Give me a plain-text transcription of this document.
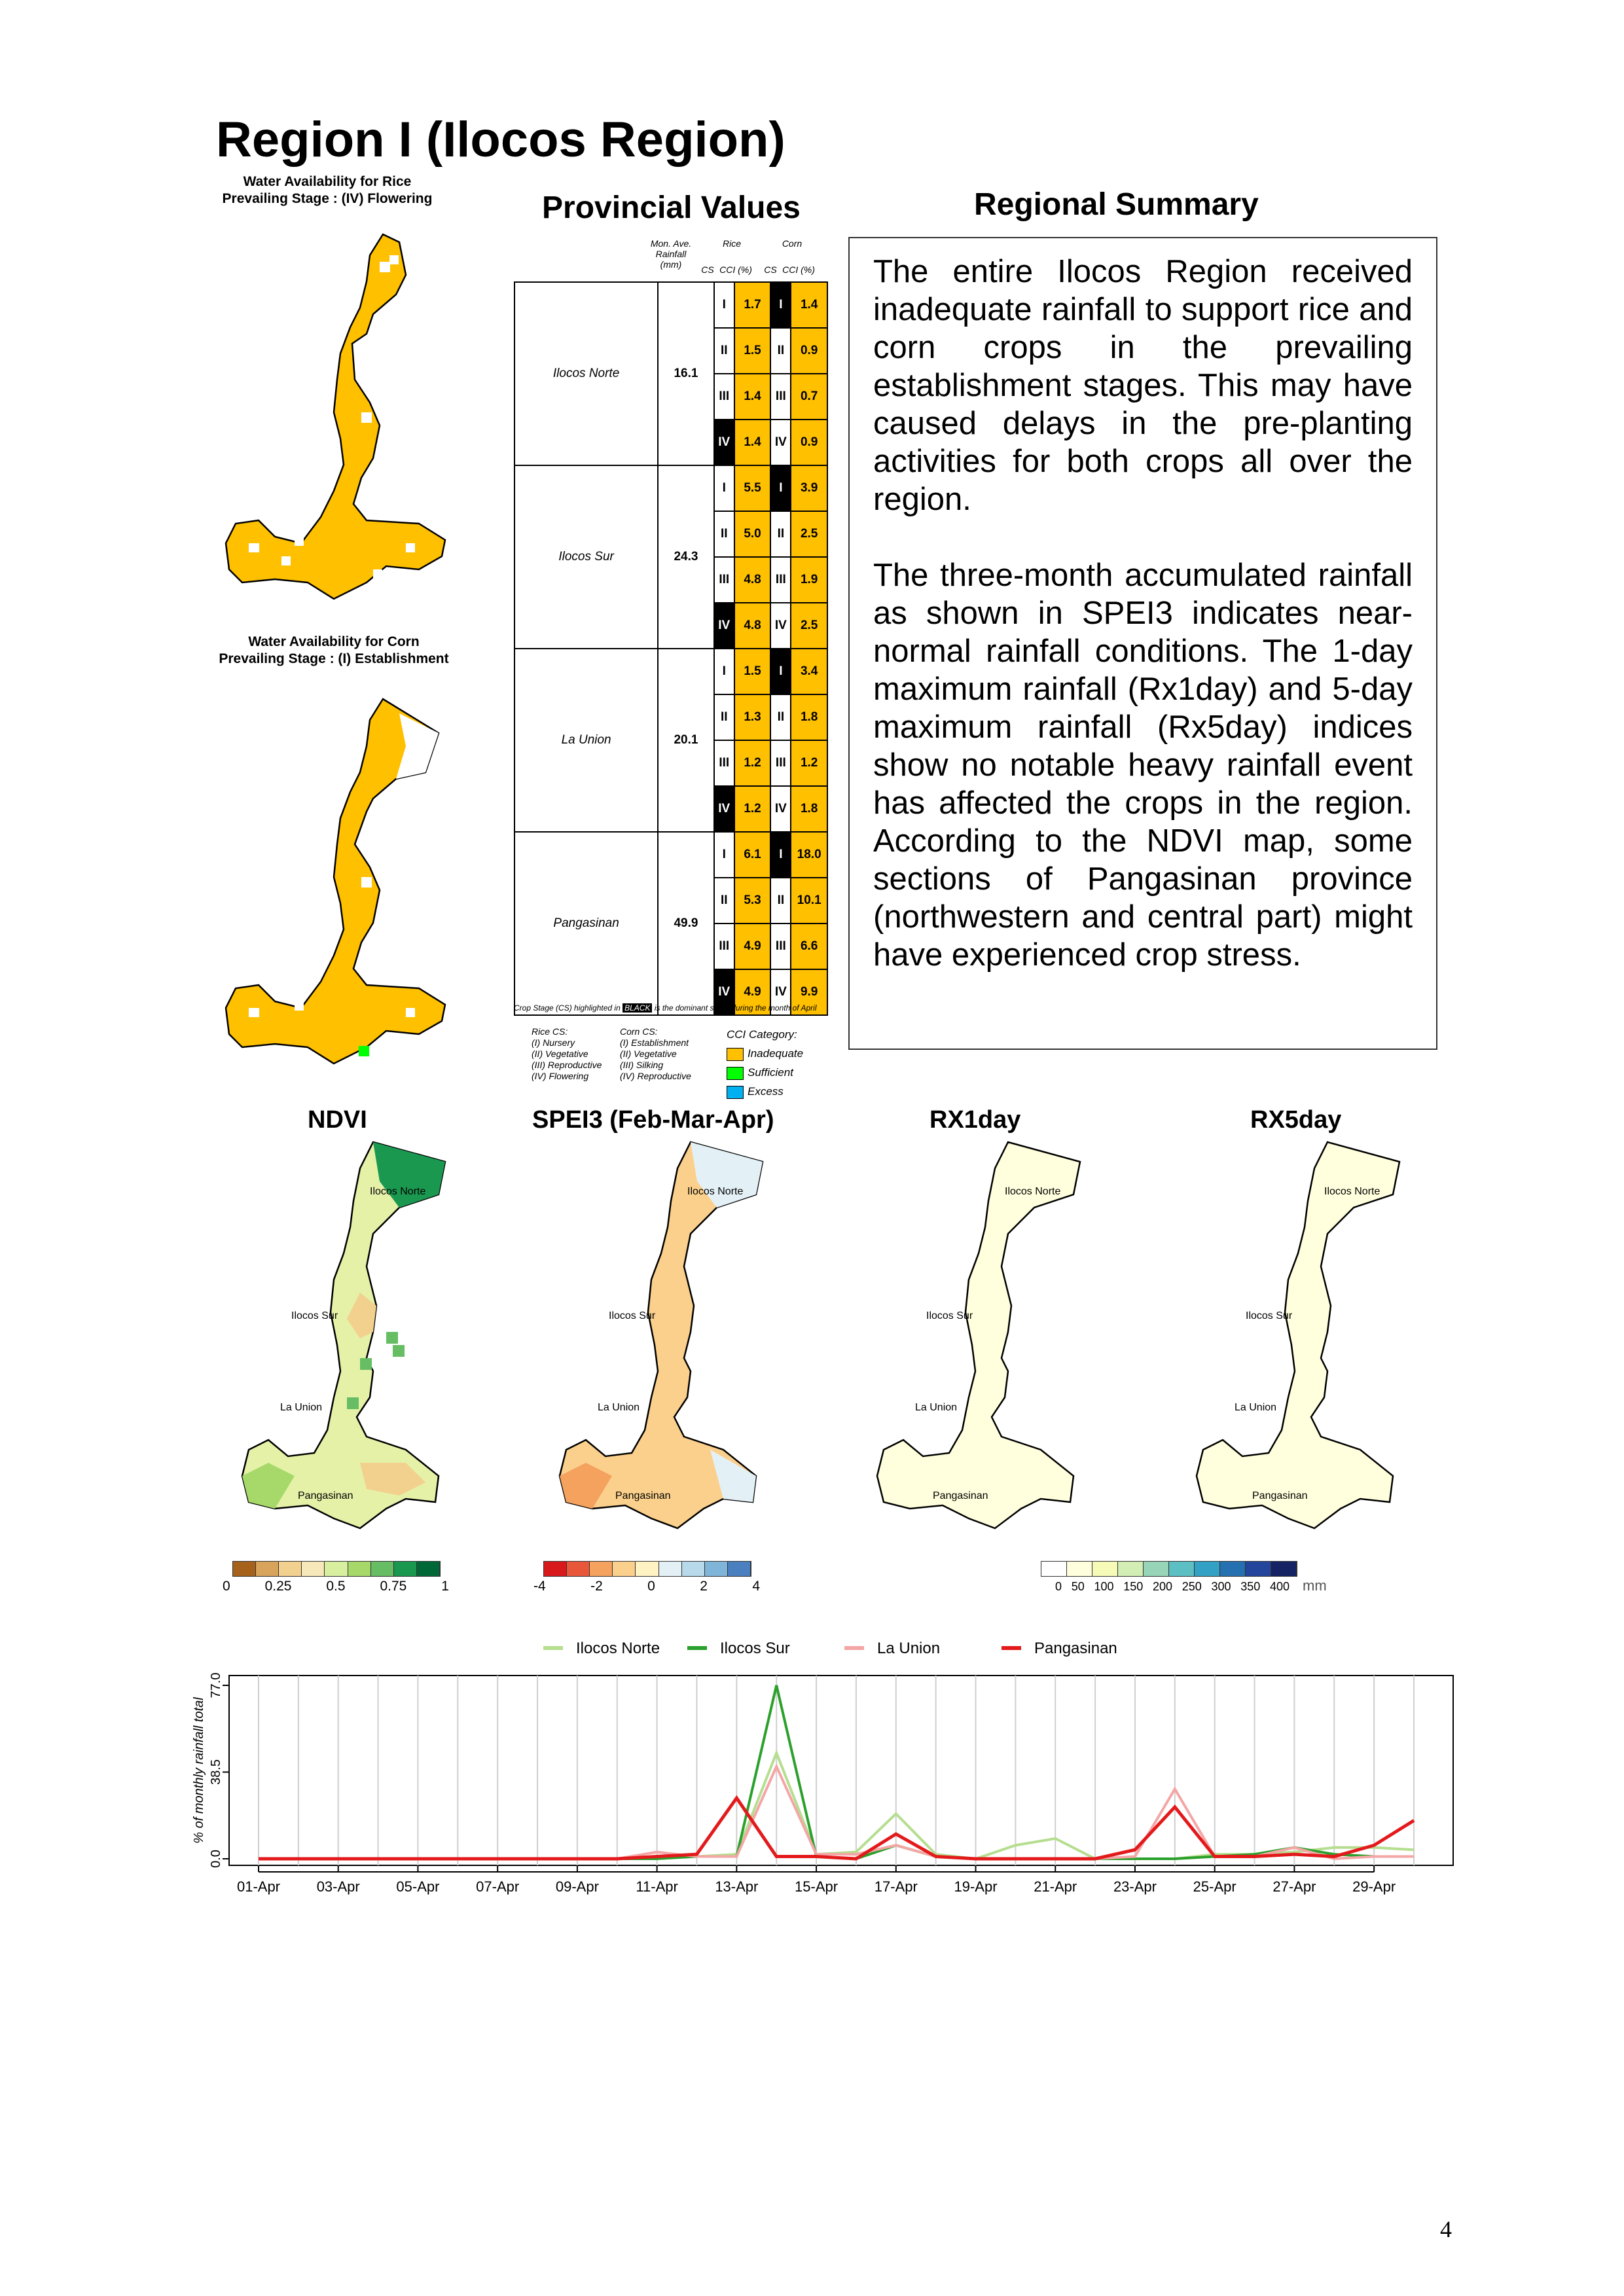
Region I (Ilocos Region)
Water Availability for Rice
Prevailing Stage : (IV) Flowering
Water Availability for Corn
Prevailing Stage : (I) Establishment
Provincial Values
Mon. Ave.
Rainfall
(mm)
Rice	Corn
CS CCI (%)	CS CCI (%)
Ilocos Norte	16.1	I	1.7	I	1.4
		II	1.5	II	0.9
		III	1.4	III	0.7
		IV	1.4	IV	0.9
Ilocos Sur	24.3	I	5.5	I	3.9
		II	5.0	II	2.5
		III	4.8	III	1.9
		IV	4.8	IV	2.5
La Union	20.1	I	1.5	I	3.4
		II	1.3	II	1.8
		III	1.2	III	1.2
		IV	1.2	IV	1.8
Pangasinan	49.9	I	6.1	I	18.0
		II	5.3	II	10.1
		III	4.9	III	6.6
		IV	4.9	IV	9.9
Crop Stage (CS) highlighted in BLACK is the dominant stage during the month of April
Rice CS:
(I) Nursery
(II) Vegetative
(III) Reproductive
(IV) Flowering
Corn CS:
(I) Establishment
(II) Vegetative
(III) Silking
(IV) Reproductive
CCI Category:
Inadequate
Sufficient
Excess
Regional Summary

The entire Ilocos Region received inadequate rainfall to support rice and corn crops in the prevailing establishment stages. This may have caused delays in the pre-planting activities for both crops all over the region.

The three-month accumulated rainfall as shown in SPEI3 indicates near-normal rainfall conditions. The 1-day maximum rainfall (Rx1day) and 5-day maximum rainfall (Rx5day) indices show no notable heavy rainfall event has affected the crops in the region. According to the NDVI map, some sections of Pangasinan province (northwestern and central part) might have experienced crop stress.

NDVI	SPEI3 (Feb-Mar-Apr)	RX1day	RX5day
Ilocos Norte
Ilocos Sur
La Union
Pangasinan
Ilocos Norte
Ilocos Sur
La Union
Pangasinan
Ilocos Norte
Ilocos Sur
La Union
Pangasinan
Ilocos Norte
Ilocos Sur
La Union
Pangasinan
0	0.25	0.5	0.75	1	-4	-2	0	2	4	0 50 100 150 200 250 300 350 400 mm
Ilocos Norte	Ilocos Sur	La Union	Pangasinan
0.0
38.5
77.0
01-Apr	03-Apr	05-Apr	07-Apr	09-Apr	11-Apr	13-Apr	15-Apr	17-Apr	19-Apr	21-Apr	23-Apr	25-Apr	27-Apr	29-Apr
% of monthly rainfall total
4
